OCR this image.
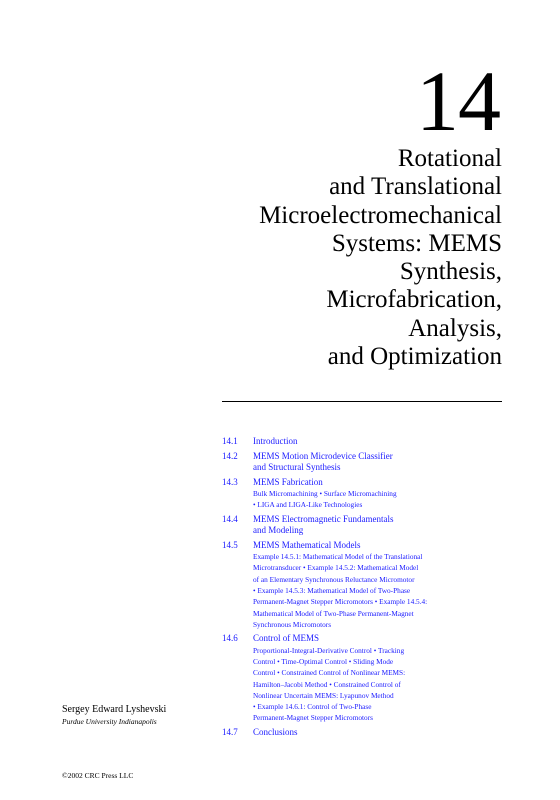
14
Rotational
and Translational
Microelectromechanical
Systems: MEMS
Synthesis,
Microfabrication,
Analysis,
and Optimization
14.1 Introduction
14.2 MEMS Motion Microdevice Classifier
and Structural Synthesis
14.3 MEMS Fabrication
Bulk Micromachining • Surface Micromachining
• LIGA and LIGA-Like Technologies
14.4 MEMS Electromagnetic Fundamentals
and Modeling
14.5 MEMS Mathematical Models
Example 14.5.1: Mathematical Model of the Translational
Microtransducer • Example 14.5.2: Mathematical Model
of an Elementary Synchronous Reluctance Micromotor
• Example 14.5.3: Mathematical Model of Two-Phase
Permanent-Magnet Stepper Micromotors • Example 14.5.4:
Mathematical Model of Two-Phase Permanent-Magnet
Synchronous Micromotors
14.6 Control of MEMS
Proportional-Integral-Derivative Control • Tracking
Control • Time-Optimal Control • Sliding Mode
Control • Constrained Control of Nonlinear MEMS:
Hamilton–Jacobi Method • Constrained Control of
Nonlinear Uncertain MEMS: Lyapunov Method
• Example 14.6.1: Control of Two-Phase
Permanent-Magnet Stepper Micromotors
14.7 Conclusions
Sergey Edward Lyshevski
Purdue University Indianapolis
©2002 CRC Press LLC
